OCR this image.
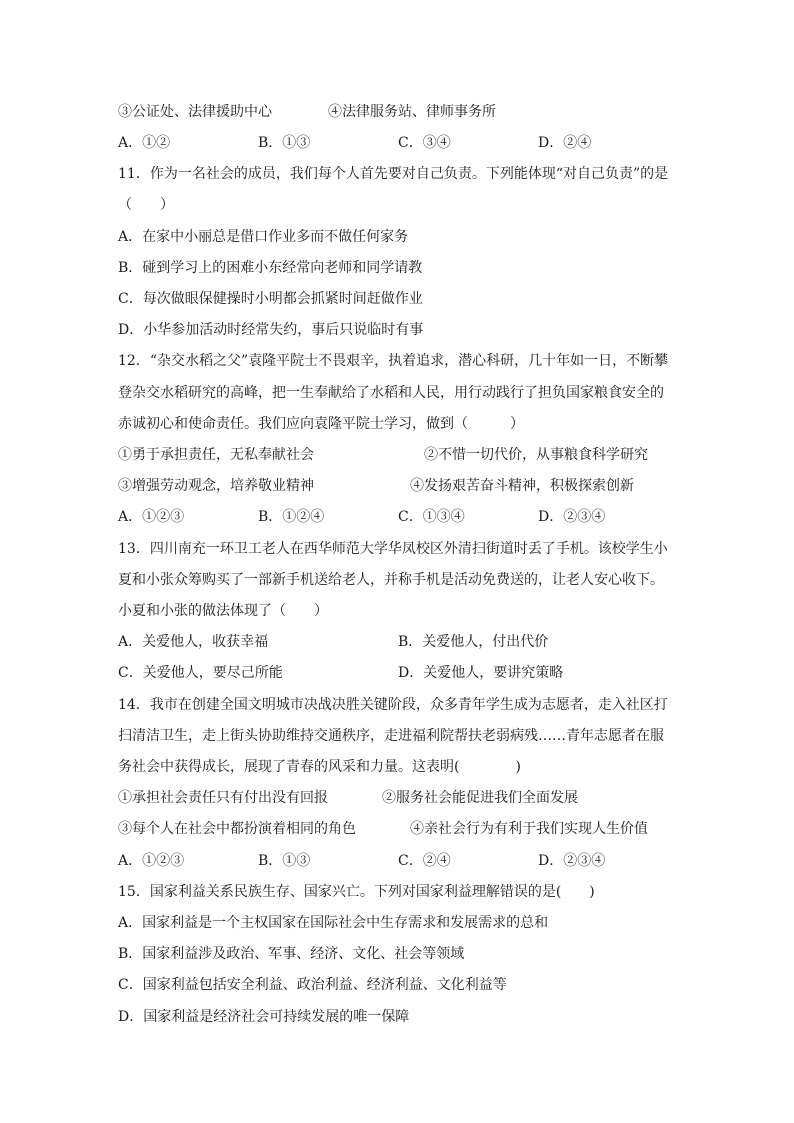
③公证处、法律援助中心	④法律服务站、律师事务所
A．①②	B．①③	C．③④	D．②④
11．作为一名社会的成员，我们每个人首先要对自己负责。下列能体现“对自己负责”的是
（　　）
A．在家中小丽总是借口作业多而不做任何家务
B．碰到学习上的困难小东经常向老师和同学请教
C．每次做眼保健操时小明都会抓紧时间赶做作业
D．小华参加活动时经常失约，事后只说临时有事
12．“杂交水稻之父”袁隆平院士不畏艰辛，执着追求，潜心科研，几十年如一日，不断攀
登杂交水稻研究的高峰，把一生奉献给了水稻和人民，用行动践行了担负国家粮食安全的
赤诚初心和使命责任。我们应向袁隆平院士学习，做到（　　　）
①勇于承担责任，无私奉献社会	②不惜一切代价，从事粮食科学研究
③增强劳动观念，培养敬业精神	④发扬艰苦奋斗精神，积极探索创新
A．①②③	B．①②④	C．①③④	D．②③④
13．四川南充一环卫工老人在西华师范大学华凤校区外清扫街道时丢了手机。该校学生小
夏和小张众筹购买了一部新手机送给老人，并称手机是活动免费送的，让老人安心收下。
小夏和小张的做法体现了（　　）
A．关爱他人，收获幸福	B．关爱他人，付出代价
C．关爱他人，要尽己所能	D．关爱他人，要讲究策略
14．我市在创建全国文明城市决战决胜关键阶段，众多青年学生成为志愿者，走入社区打
扫清洁卫生，走上街头协助维持交通秩序，走进福利院帮扶老弱病残……青年志愿者在服
务社会中获得成长，展现了青春的风采和力量。这表明(　　　　)
①承担社会责任只有付出没有回报	②服务社会能促进我们全面发展
③每个人在社会中都扮演着相同的角色	④亲社会行为有利于我们实现人生价值
A．①②③	B．①③	C．②④	D．②③④
15．国家利益关系民族生存、国家兴亡。下列对国家利益理解错误的是(　　)
A．国家利益是一个主权国家在国际社会中生存需求和发展需求的总和
B．国家利益涉及政治、军事、经济、文化、社会等领域
C．国家利益包括安全利益、政治利益、经济利益、文化利益等
D．国家利益是经济社会可持续发展的唯一保障
